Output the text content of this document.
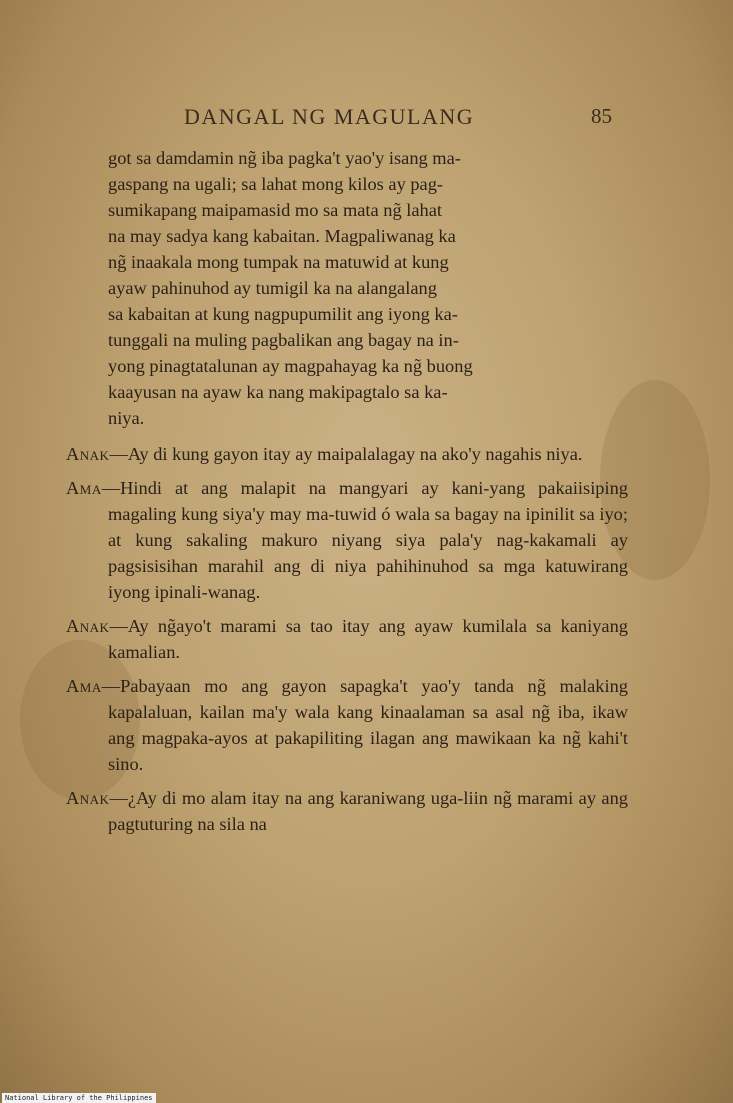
DANGAL NG MAGULANG	85
got sa damdamin ng̃ iba pagka't yao'y isang ma-
gaspang na ugali; sa lahat mong kilos ay pag-
sumikapang maipamasid mo sa mata ng̃ lahat
na may sadya kang kabaitan. Magpaliwanag ka
ng̃ inaakala mong tumpak na matuwid at kung
ayaw pahinuhod ay tumigil ka na alangalang
sa kabaitan at kung nagpupumilit ang iyong ka-
tunggali na muling pagbalikan ang bagay na in-
yong pinagtatalunan ay magpahayag ka ng̃ buong
kaayusan na ayaw ka nang makipagtalo sa ka-
niya.

Anak—Ay di kung gayon itay ay maipalalagay na ako'y nagahis niya.

Ama—Hindi at ang malapit na mangyari ay kani-yang pakaiisiping magaling kung siya'y may ma-tuwid ó wala sa bagay na ipinilit sa iyo; at kung sakaling makuro niyang siya pala'y nag-kakamali ay pagsisisihan marahil ang di niya pahihinuhod sa mga katuwirang iyong ipinali-wanag.

Anak—Ay ng̃ayo't marami sa tao itay ang ayaw kumilala sa kaniyang kamalian.

Ama—Pabayaan mo ang gayon sapagka't yao'y tanda ng̃ malaking kapalaluan, kailan ma'y wala kang kinaalaman sa asal ng̃ iba, ikaw ang magpaka-ayos at pakapiliting ilagan ang mawikaan ka ng̃ kahi't sino.

Anak—¿Ay di mo alam itay na ang karaniwang uga-liin ng̃ marami ay ang pagtuturing na sila na

National Library of the Philippines
